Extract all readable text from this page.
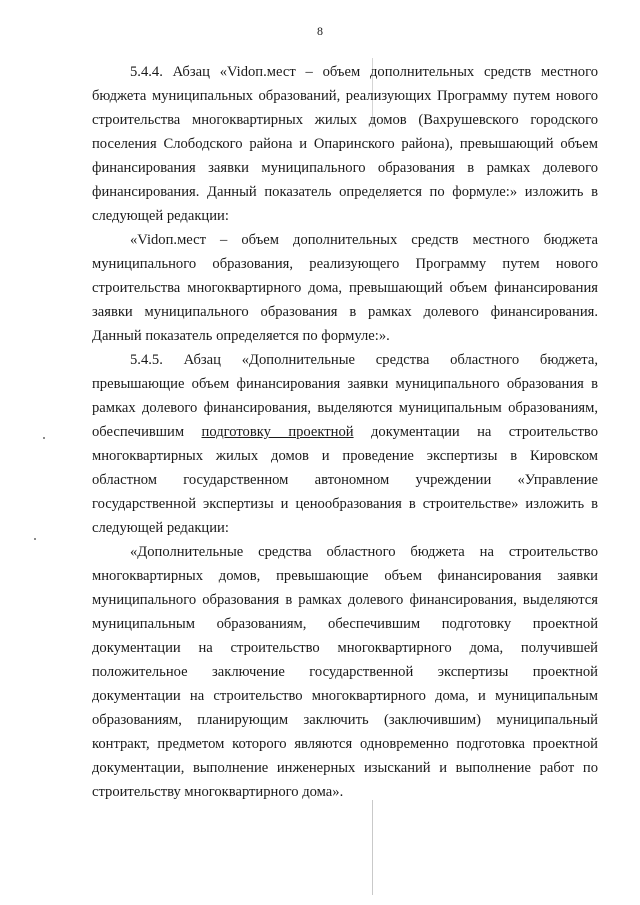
8

5.4.4. Абзац «Vidоп.мест – объем дополнительных средств местного бюджета муниципальных образований, реализующих Программу путем нового строительства многоквартирных жилых домов (Вахрушевского городского поселения Слободского района и Опаринского района), превышающий объем финансирования заявки муниципального образования в рамках долевого финансирования. Данный показатель определяется по формуле:» изложить в следующей редакции:

«Vidоп.мест – объем дополнительных средств местного бюджета муниципального образования, реализующего Программу путем нового строительства многоквартирного дома, превышающий объем финансирования заявки муниципального образования в рамках долевого финансирования. Данный показатель определяется по формуле:».

5.4.5. Абзац «Дополнительные средства областного бюджета, превышающие объем финансирования заявки муниципального образования в рамках долевого финансирования, выделяются муниципальным образованиям, обеспечившим подготовку проектной документации на строительство многоквартирных жилых домов и проведение экспертизы в Кировском областном государственном автономном учреждении «Управление государственной экспертизы и ценообразования в строительстве» изложить в следующей редакции:

«Дополнительные средства областного бюджета на строительство многоквартирных домов, превышающие объем финансирования заявки муниципального образования в рамках долевого финансирования, выделяются муниципальным образованиям, обеспечившим подготовку проектной документации на строительство многоквартирного дома, получившей положительное заключение государственной экспертизы проектной документации на строительство многоквартирного дома, и муниципальным образованиям, планирующим заключить (заключившим) муниципальный контракт, предметом которого являются одновременно подготовка проектной документации, выполнение инженерных изысканий и выполнение работ по строительству многоквартирного дома».
